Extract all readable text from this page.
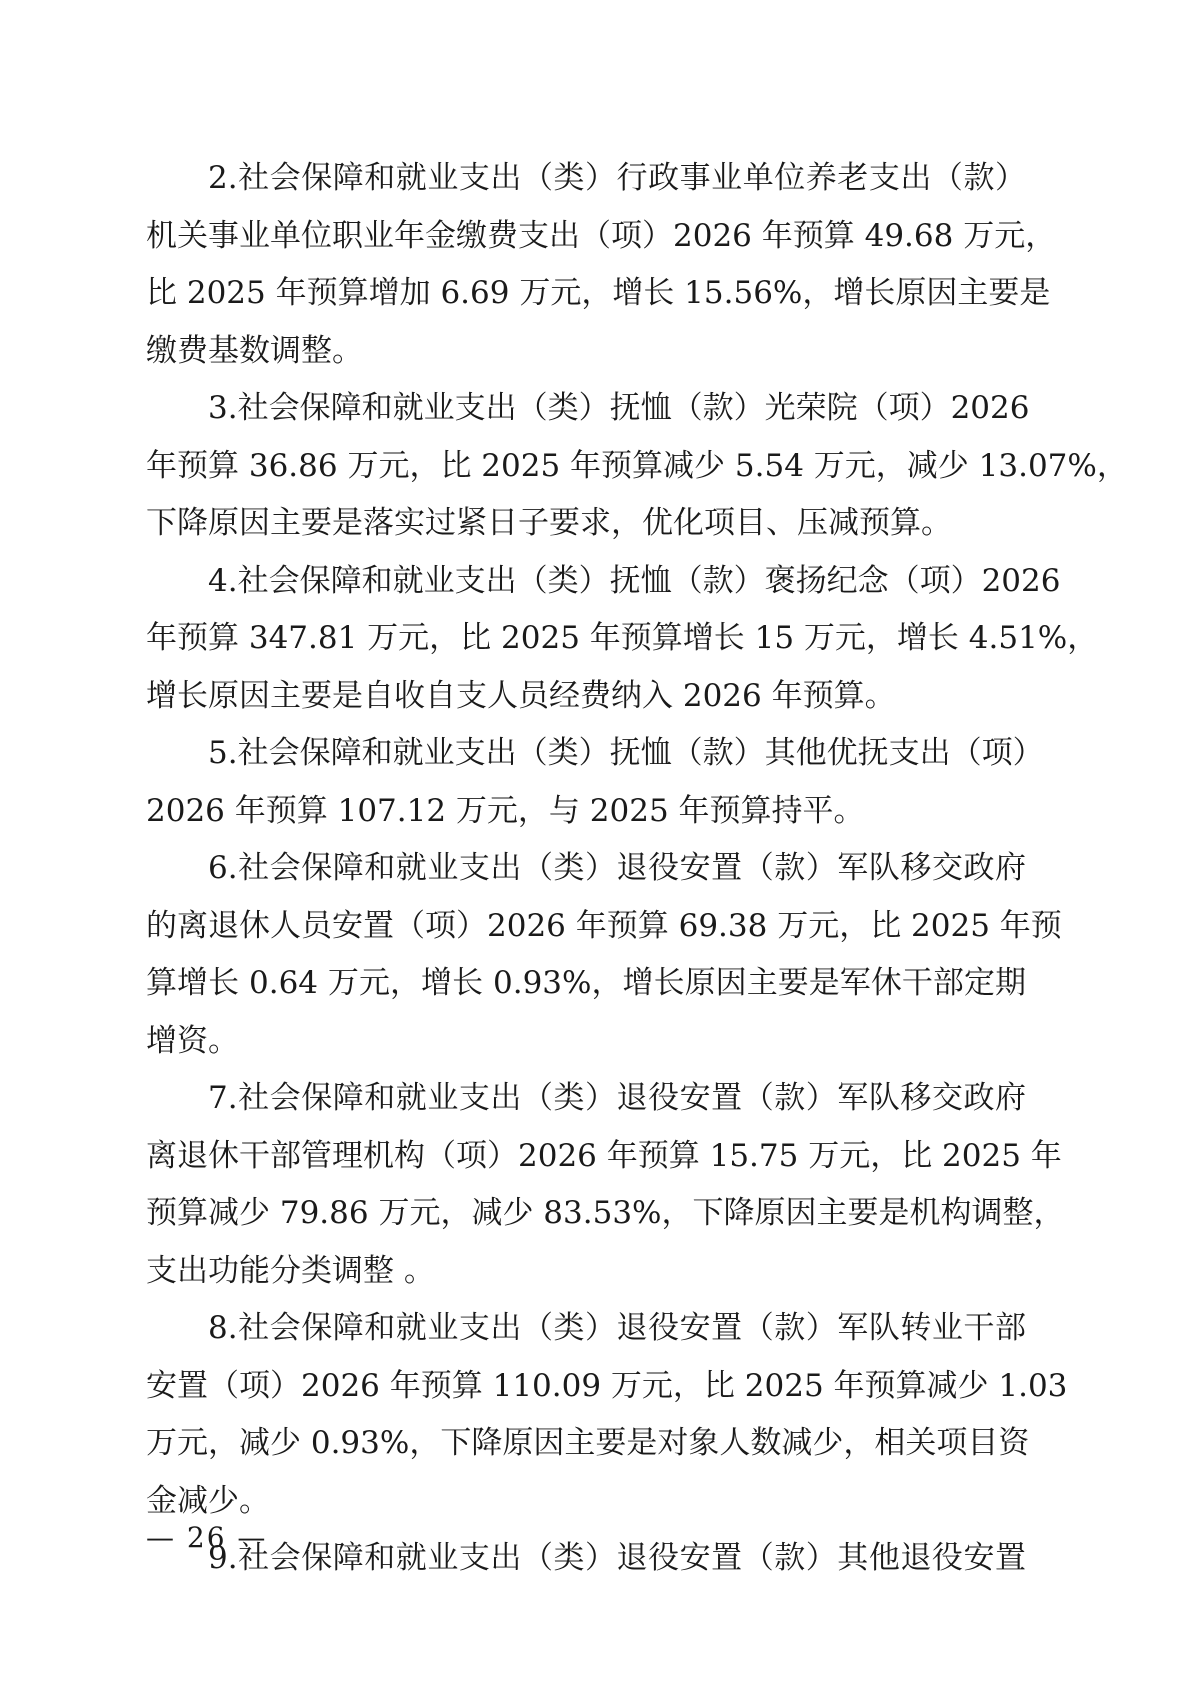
2.社会保障和就业支出（类）行政事业单位养老支出（款）
机关事业单位职业年金缴费支出（项）2026 年预算 49.68 万元，
比 2025 年预算增加 6.69 万元，增长 15.56%，增长原因主要是
缴费基数调整。
3.社会保障和就业支出（类）抚恤（款）光荣院（项）2026
年预算 36.86 万元，比 2025 年预算减少 5.54 万元，减少 13.07%，
下降原因主要是落实过紧日子要求，优化项目、压减预算。
4.社会保障和就业支出（类）抚恤（款）褒扬纪念（项）2026
年预算 347.81 万元，比 2025 年预算增长 15 万元，增长 4.51%，
增长原因主要是自收自支人员经费纳入 2026 年预算。
5.社会保障和就业支出（类）抚恤（款）其他优抚支出（项）
2026 年预算 107.12 万元，与 2025 年预算持平。
6.社会保障和就业支出（类）退役安置（款）军队移交政府
的离退休人员安置（项）2026 年预算 69.38 万元，比 2025 年预
算增长 0.64 万元，增长 0.93%，增长原因主要是军休干部定期
增资。
7.社会保障和就业支出（类）退役安置（款）军队移交政府
离退休干部管理机构（项）2026 年预算 15.75 万元，比 2025 年
预算减少 79.86 万元，减少 83.53%，下降原因主要是机构调整，
支出功能分类调整 。
8.社会保障和就业支出（类）退役安置（款）军队转业干部
安置（项）2026 年预算 110.09 万元，比 2025 年预算减少 1.03
万元，减少 0.93%，下降原因主要是对象人数减少，相关项目资
金减少。
9.社会保障和就业支出（类）退役安置（款）其他退役安置
— 26 —
